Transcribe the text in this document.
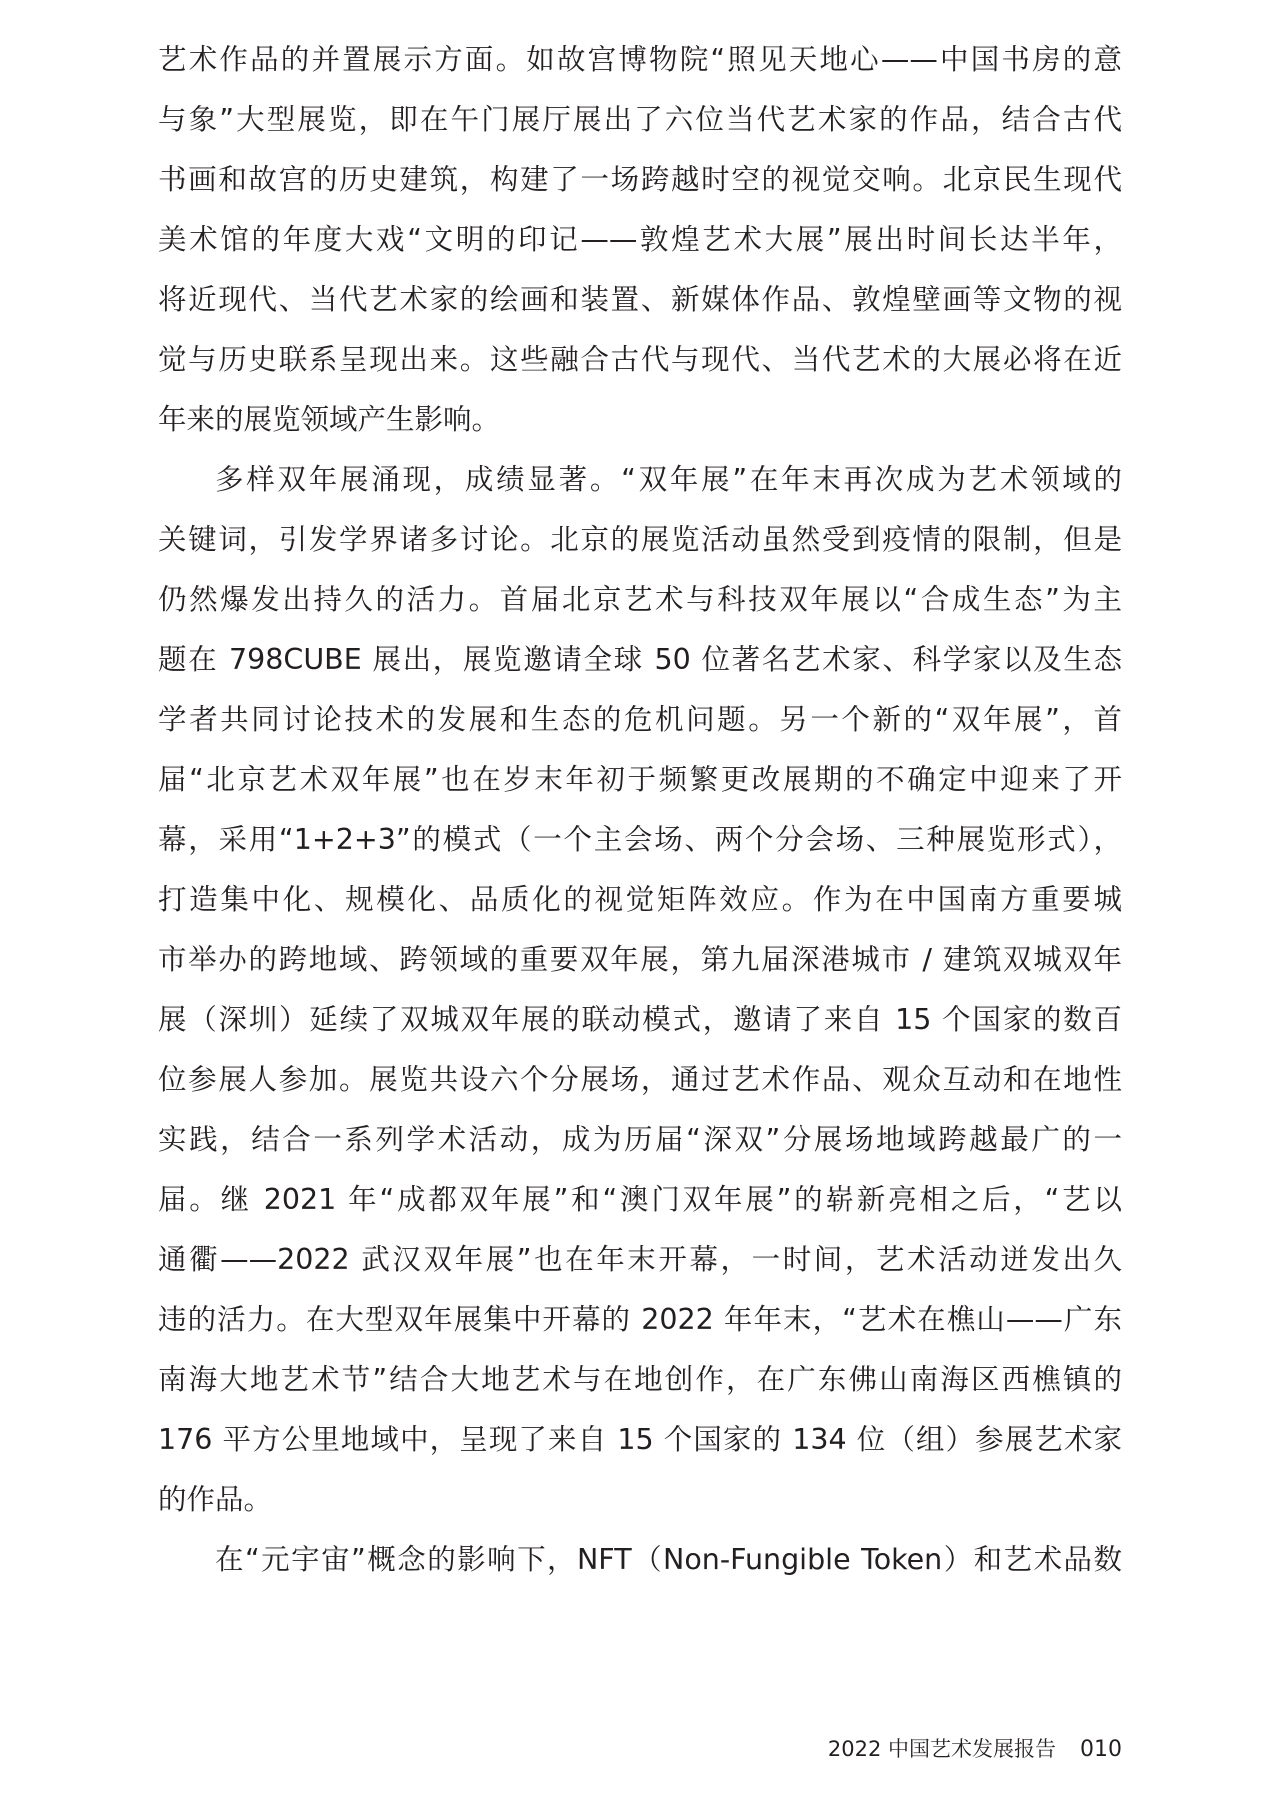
艺术作品的并置展示方面。如故宫博物院“照见天地心——中国书房的意
与象”大型展览，即在午门展厅展出了六位当代艺术家的作品，结合古代
书画和故宫的历史建筑，构建了一场跨越时空的视觉交响。北京民生现代
美术馆的年度大戏“文明的印记——敦煌艺术大展”展出时间长达半年，
将近现代、当代艺术家的绘画和装置、新媒体作品、敦煌壁画等文物的视
觉与历史联系呈现出来。这些融合古代与现代、当代艺术的大展必将在近
年来的展览领域产生影响。
多样双年展涌现，成绩显著。“双年展”在年末再次成为艺术领域的
关键词，引发学界诸多讨论。北京的展览活动虽然受到疫情的限制，但是
仍然爆发出持久的活力。首届北京艺术与科技双年展以“合成生态”为主
题在 798CUBE 展出，展览邀请全球 50 位著名艺术家、科学家以及生态
学者共同讨论技术的发展和生态的危机问题。另一个新的“双年展”，首
届“北京艺术双年展”也在岁末年初于频繁更改展期的不确定中迎来了开
幕，采用“1+2+3”的模式（一个主会场、两个分会场、三种展览形式），
打造集中化、规模化、品质化的视觉矩阵效应。作为在中国南方重要城
市举办的跨地域、跨领域的重要双年展，第九届深港城市 / 建筑双城双年
展（深圳）延续了双城双年展的联动模式，邀请了来自 15 个国家的数百
位参展人参加。展览共设六个分展场，通过艺术作品、观众互动和在地性
实践，结合一系列学术活动，成为历届“深双”分展场地域跨越最广的一
届。继 2021 年“成都双年展”和“澳门双年展”的崭新亮相之后，“艺以
通衢——2022 武汉双年展”也在年末开幕，一时间，艺术活动迸发出久
违的活力。在大型双年展集中开幕的 2022 年年末，“艺术在樵山——广东
南海大地艺术节”结合大地艺术与在地创作，在广东佛山南海区西樵镇的
176 平方公里地域中，呈现了来自 15 个国家的 134 位（组）参展艺术家
的作品。
在“元宇宙”概念的影响下，NFT（Non-Fungible Token）和艺术品数
2022 中国艺术发展报告 010
